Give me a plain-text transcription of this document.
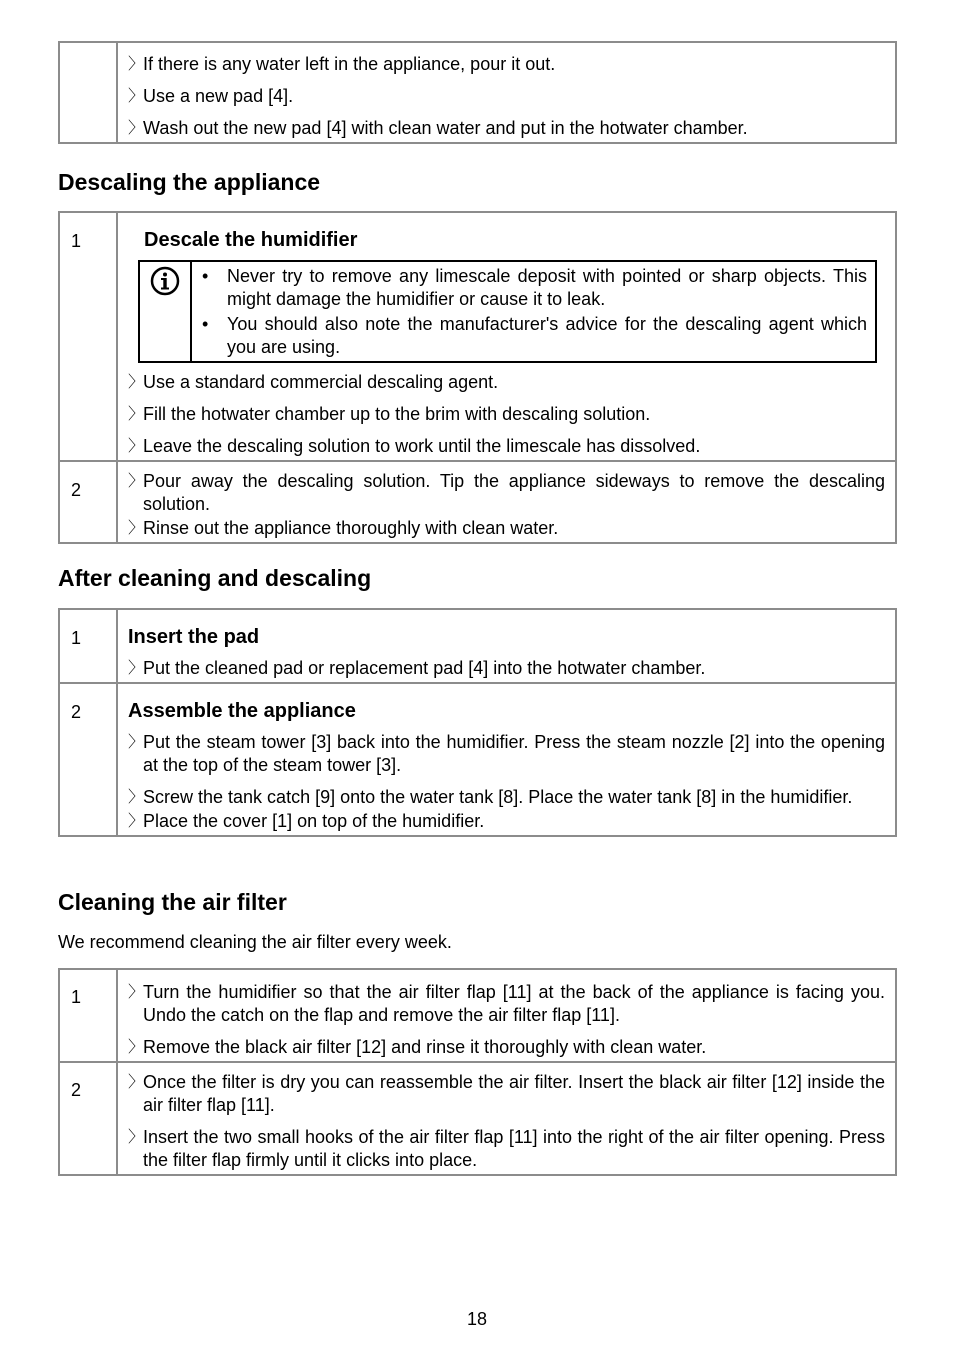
〉
If there is any water left in the appliance, pour it out.
〉
Use a new pad [4].
〉
Wash out the new pad [4] with clean water and put in the hotwater chamber.
Descaling the appliance
1	Descale the humidifier
• Never try to remove any limescale deposit with pointed or sharp objects. This might damage the humidifier or cause it to leak.
• You should also note the manufacturer's advice for the descaling agent which you are using.
〉
Use a standard commercial descaling agent.
〉
Fill the hotwater chamber up to the brim with descaling solution.
〉
Leave the descaling solution to work until the limescale has dissolved.
2	〉
Pour away the descaling solution. Tip the appliance sideways to remove the descaling solution.
〉
Rinse out the appliance thoroughly with clean water.
After cleaning and descaling
1	Insert the pad
〉
Put the cleaned pad or replacement pad [4] into the hotwater chamber.
2	Assemble the appliance
〉
Put the steam tower [3] back into the humidifier. Press the steam nozzle [2] into the opening at the top of the steam tower [3].
〉
Screw the tank catch [9] onto the water tank [8]. Place the water tank [8] in the humidifier.
〉
Place the cover [1] on top of the humidifier.
Cleaning the air filter
We recommend cleaning the air filter every week.
1	〉
Turn the humidifier so that the air filter flap [11] at the back of the appliance is facing you. Undo the catch on the flap and remove the air filter flap [11].
〉
Remove the black air filter [12] and rinse it thoroughly with clean water.
2	〉
Once the filter is dry you can reassemble the air filter. Insert the black air filter [12] inside the air filter flap [11].
〉
Insert the two small hooks of the air filter flap [11] into the right of the air filter opening. Press the filter flap firmly until it clicks into place.
18
